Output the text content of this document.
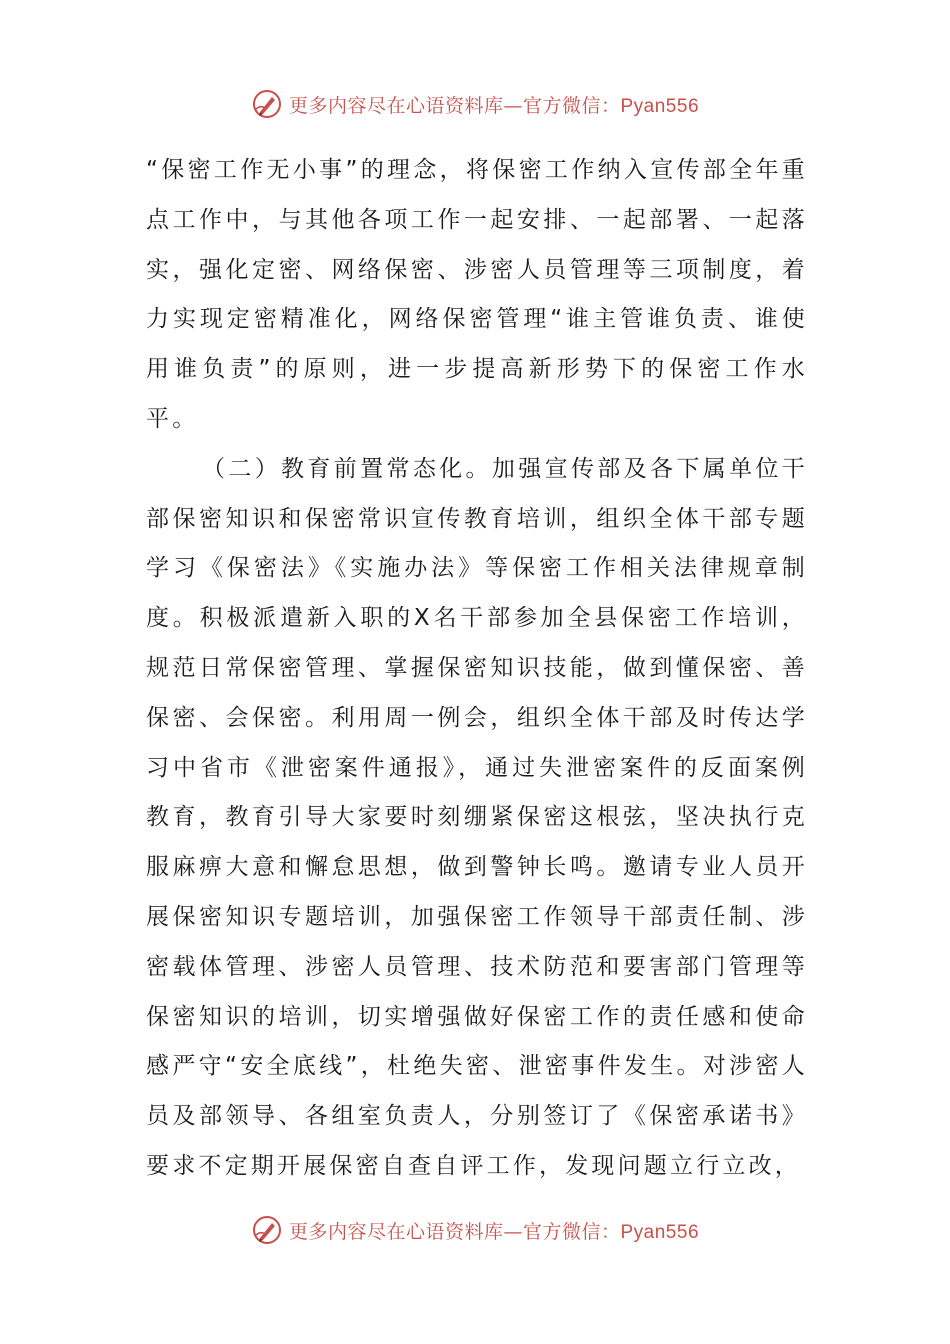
更多内容尽在心语资料库—官方微信：Pyan556

“保密工作无小事”的理念，将保密工作纳入宣传部全年重点工作中，与其他各项工作一起安排、一起部署、一起落实，强化定密、网络保密、涉密人员管理等三项制度，着力实现定密精准化，网络保密管理“谁主管谁负责、谁使用谁负责”的原则，进一步提高新形势下的保密工作水平。

（二）教育前置常态化。加强宣传部及各下属单位干部保密知识和保密常识宣传教育培训，组织全体干部专题学习《保密法》《实施办法》等保密工作相关法律规章制度。积极派遣新入职的X名干部参加全县保密工作培训，规范日常保密管理、掌握保密知识技能，做到懂保密、善保密、会保密。利用周一例会，组织全体干部及时传达学习中省市《泄密案件通报》，通过失泄密案件的反面案例教育，教育引导大家要时刻绷紧保密这根弦，坚决执行克服麻痹大意和懈怠思想，做到警钟长鸣。邀请专业人员开展保密知识专题培训，加强保密工作领导干部责任制、涉密载体管理、涉密人员管理、技术防范和要害部门管理等保密知识的培训，切实增强做好保密工作的责任感和使命感严守“安全底线”，杜绝失密、泄密事件发生。对涉密人员及部领导、各组室负责人，分别签订了《保密承诺书》要求不定期开展保密自查自评工作，发现问题立行立改，

更多内容尽在心语资料库—官方微信：Pyan556
